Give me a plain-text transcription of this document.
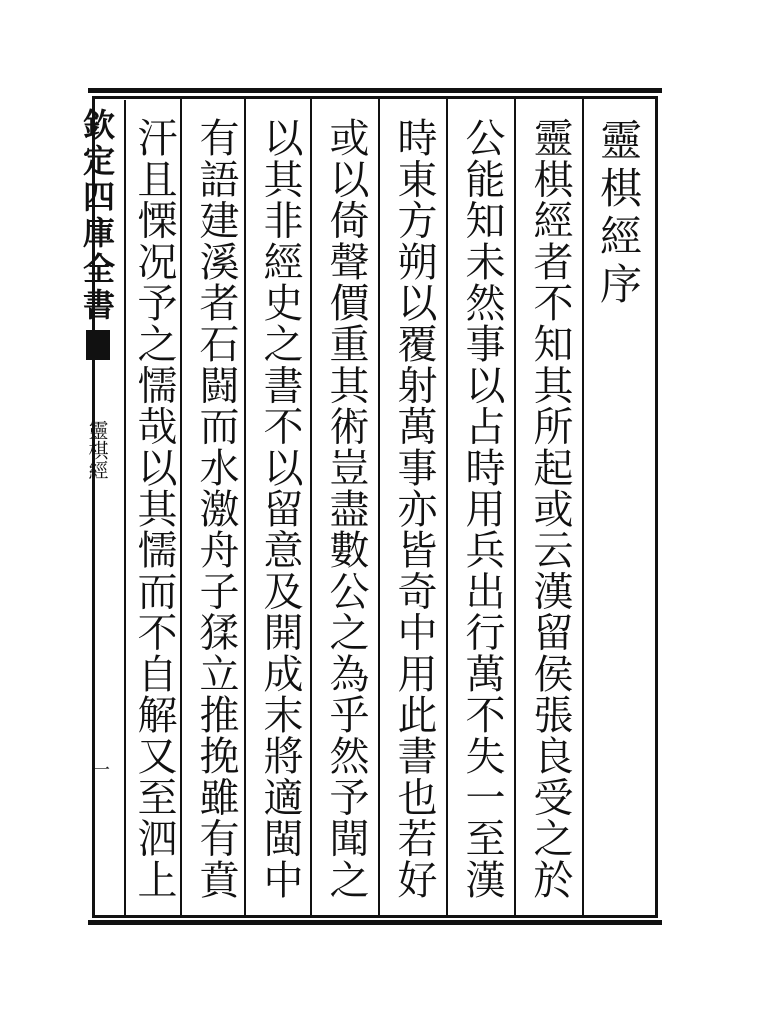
欽定四庫全書
靈棋經
一
靈棋經序
靈棋經者不知其所起或云漢留侯張良受之於
公能知未然事以占時用兵出行萬不失一至漢
時東方朔以覆射萬事亦皆奇中用此書也若好
或以倚聲價重其術豈盡數公之為乎然予聞之
以其非經史之書不以留意及開成末將適閩中
有語建溪者石闘而水激舟子猱立推挽雖有賁
汗且慄况予之懦哉以其懦而不自解又至泗上
